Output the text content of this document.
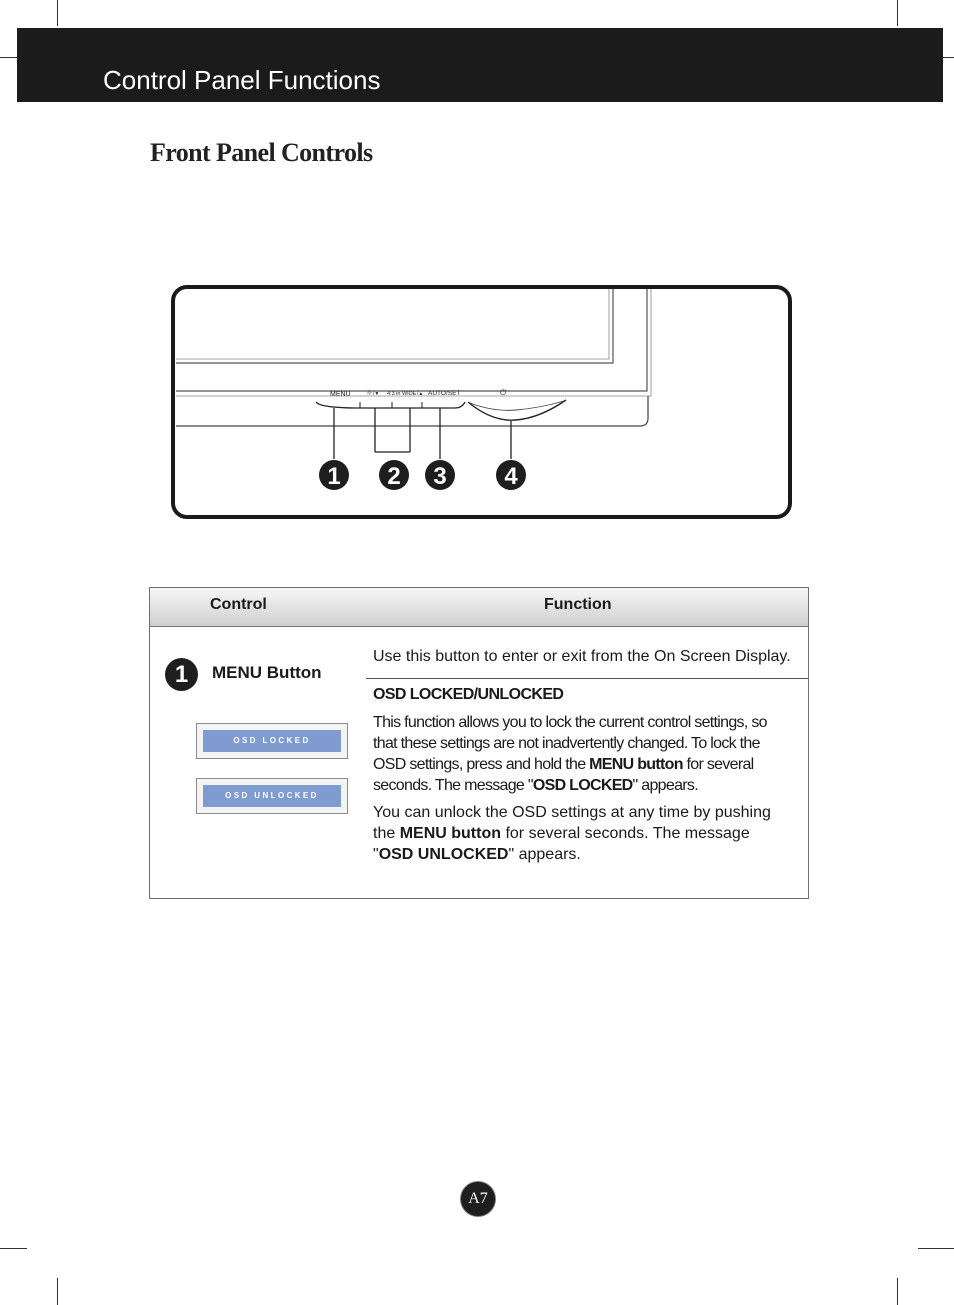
Control Panel Functions
Front Panel Controls
MENU ☼ /▼ 4:3 in WIDE /▲ AUTO/SET	⏻
1 2 3 4
Control	Function
1	MENU Button
OSD LOCKED
OSD UNLOCKED
Use this button to enter or exit from the On Screen Display.
OSD LOCKED/UNLOCKED
This function allows you to lock the current control settings, so that these settings are not inadvertently changed. To lock the OSD settings, press and hold the MENU button for several seconds. The message "OSD LOCKED" appears.
You can unlock the OSD settings at any time by pushing the MENU button for several seconds. The message "OSD UNLOCKED" appears.
A7
